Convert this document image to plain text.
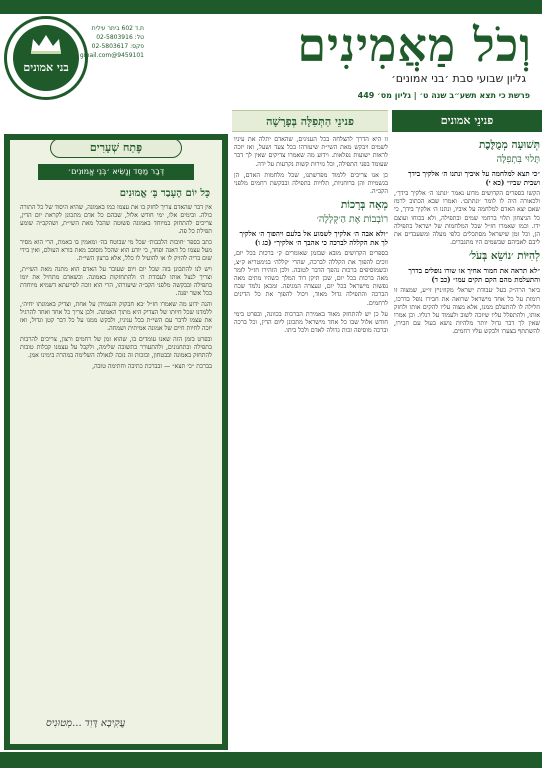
בני אמונים
ת.ד 602 ביתר עילית
טל: 02-5803916
פקס: 02-5803617
9459101@gmail.com	וְכֹל מַאֲמִינִים
גליון שבועי סבת ׳בני אמונים׳
פרשת כי תצא תשע״ב שנה ט׳ | גליון מס׳ 449
פנינֵי אמונים
פנינֵי הַתְּפִלָּה בְּפָרָשָׁה
תְּשׁוּעָה מְמֻלֶּכֶת
תָּלוּי בִּתְפִלָּה
״כי תצא למלחמה על איביך ונתנו ה׳ אלקיך בידך ושבית שביו״ (כא י)

הקשו בספרים הקדושים מדוע נאמר ׳ונתנו ה׳ אלקיך בידך׳, ולכאורה היה לו לומר ׳ונתתם׳. ואמרו שבא הכתוב לרמז שאם יצא האדם למלחמה על איביו, ונתנו ה׳ אלקיך בידך, כי כל הניצחון תלוי ברחמי שמים ובתפילה, ולא בכוחו ועוצם ידו. וכמו שאמרו חז״ל שכל המלחמות של ישראל בתפילה הן, וכל זמן שישראל מסתכלים כלפי מעלה ומשעבדים את ליבם לאביהם שבשמים היו מתגברים.

לְהִיּוֹת ׳נוֹשֵׂא בְּעֹל׳
״לא תראה את חמור אחיך או שורו נופלים בדרך והתעלמת מהם הקם תקים עמו״ (כב ד)

ביאר הרה״ק בעל ׳עבודת ישראל׳ מקוז׳ניץ זי״ע, שמצוה זו רומזת על כל אחד מישראל שרואה את חבירו נופל בדרכו, חלילה לו להתעלם ממנו, אלא מצוה עליו להקים אותו ולחזק אותו, ולהתפלל עליו שיזכה לשוב ולעמוד על רגליו. וכן אמרו שאין לך דבר גדול יותר מלהיות נושא בעול עם חבירו, להשתתף בצערו ולבקש עליו רחמים.

זו היא הדרך להצלחה בכל הענינים, שהאדם יתלה את עיניו לשמים ויבקש מאת השי״ת שיעזרהו בכל צעד ושעל, ואז יזכה לראות ישועות נפלאות. וידוע מה שאמרו צדיקים שאין לך דבר שעומד בפני התפילה, וכל גזירות קשות נקרעות על ידה.

כן אנו צריכים ללמוד מפרשתנו, שכל מלחמות האדם, הן בגשמיות והן ברוחניות, תלויות בתפילה ובבקשת רחמים מלפני הקב״ה.

מְאָה בְּרָכוֹת
רוֹבְבוֹת אֶת הַ׳קְּלָלָה׳
״ולא אבה ה׳ אלקיך לשמוע אל בלעם ויהפוך ה׳ אלקיך לך את הקללה לברכה כי אהבך ה׳ אלקיך״ (כג ו)

בספרים הקדושים מובא שבזמן שאומרים ק׳ ברכות בכל יום, זוכים להפוך את הקללה לברכה, שהרי ׳קללה׳ בגימטריא ק״צ, וכשמוסיפים ברכות נהפך הדבר לטובה. ולכן הזהירו חז״ל לומר מאה ברכות בכל יום, שכן תיקן דוד המלך כשהיו מתים מאה נפשות מישראל בכל יום, ונעצרה המגיפה. ומכאן נלמד שכח הברכה והתפילה גדול מאוד, ויכול להפוך את כל הדינים לרחמים.

על כן יש להתחזק מאוד באמירת הברכות בכוונה, ובפרט בימי חודש אלול שבו כל אחד מישראל מתכונן ליום הדין, וכל ברכה וברכה מוסיפה זכות גדולה לאדם ולכל ביתו.

פֶּתַח שְׁעָרִים
דְּבַר מַסֵּד וְנָשִׂיא ׳בְּנֵי אֱמוּנִים׳
כָּל יוֹם הֶעָבַר בָּ׳ אֱמוּנִים

אין דבר שהאדם צריך לחזק בו את עצמו כמו באמונה, שהיא היסוד של כל התורה כולה. ובימים אלו, ימי חודש אלול, שבהם כל אדם מתכונן לקראת יום הדין, צריכים להתחזק במיוחד באמונה פשוטה שהכל מאת השי״ת, ושהקב״ה שומע תפילת כל פה.

כתב בספר ׳חובות הלבבות׳ שכל מי שבוטח בה׳ ומאמין בו באמת, הרי הוא מסיר מעל עצמו כל דאגה ופחד, כי יודע הוא שהכל מסובב מאת בורא העולם, ואין בידי שום בריה להזיק לו או להועיל לו כלל, אלא ברצון השי״ת.

ויש לנו להתבונן בזה שכל יום ויום שעובר על האדם הוא מתנה מאת השי״ת, וצריך לנצל אותו לעבודת ה׳ ולהתחזקות באמונה. וכשאדם מתחיל את יומו בתפילה ובבקשה מלפני הקב״ה שיעזרהו, הרי הוא זוכה לסייעתא דשמיא מיוחדת בכל אשר יפנה.

והנה ידוע מה שאמרו חז״ל ׳בא חבקוק והעמידן על אחת, וצדיק באמונתו יחיה׳, ללמדנו שכל חיותו של הצדיק היא מתוך האמונה. ולכן צריך כל אחד ואחד להרגיל את עצמו לדבר עם השי״ת בכל עניניו, ולבקש ממנו על כל דבר קטן וגדול, ואז יזכה לחיות חיים של אמונה אמיתית ושמחה.

ובפרט בזמן הזה שאנו עומדים בו, שהוא זמן של רחמים ורצון, צריכים להרבות בתפילה ובתחנונים, ולהתעורר בתשובה שלימה, ולקבל על עצמנו קבלות טובות להתחזק באמונה ובבטחון, ובזכות זה נזכה לגאולה השלימה במהרה בימינו אמן.

בברכת ״כי תצא״ — ובברכת כתיבה וחתימה טובה,

עֲקִיבָא דָּוִד ...מְטוּנִיס
